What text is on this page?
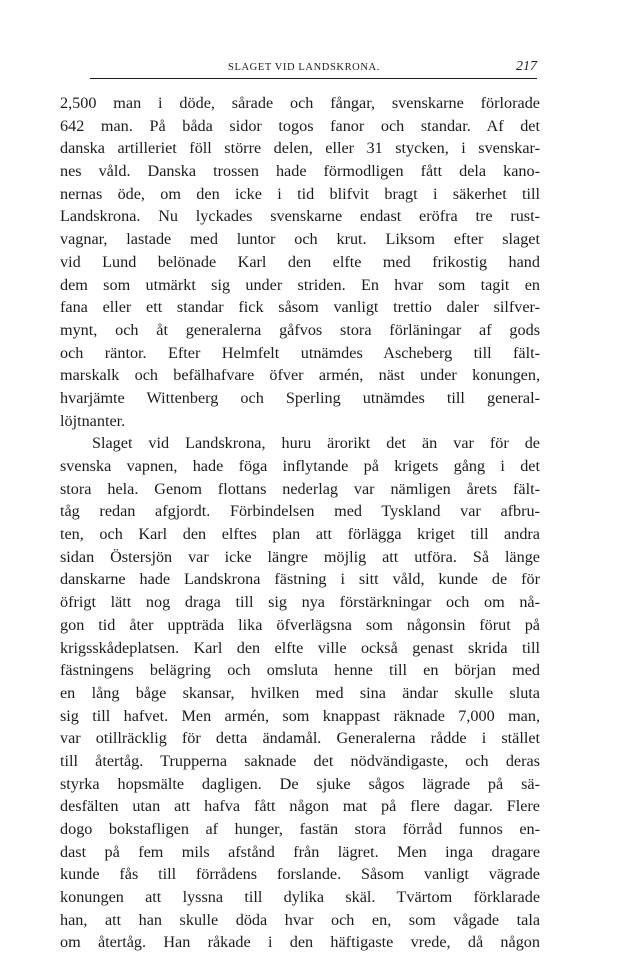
SLAGET VID LANDSKRONA.	217
2,500 man i döde, sårade och fångar, svenskarne förlorade
642 man. På båda sidor togos fanor och standar. Af det
danska artilleriet föll större delen, eller 31 stycken, i svenskar-
nes våld. Danska trossen hade förmodligen fått dela kano-
nernas öde, om den icke i tid blifvit bragt i säkerhet till
Landskrona. Nu lyckades svenskarne endast eröfra tre rust-
vagnar, lastade med luntor och krut. Liksom efter slaget
vid Lund belönade Karl den elfte med frikostig hand
dem som utmärkt sig under striden. En hvar som tagit en
fana eller ett standar fick såsom vanligt trettio daler silfver-
mynt, och åt generalerna gåfvos stora förläningar af gods
och räntor. Efter Helmfelt utnämdes Ascheberg till fält-
marskalk och befälhafvare öfver armén, näst under konungen,
hvarjämte Wittenberg och Sperling utnämdes till general-
löjtnanter.
Slaget vid Landskrona, huru ärorikt det än var för de
svenska vapnen, hade föga inflytande på krigets gång i det
stora hela. Genom flottans nederlag var nämligen årets fält-
tåg redan afgjordt. Förbindelsen med Tyskland var afbru-
ten, och Karl den elftes plan att förlägga kriget till andra
sidan Östersjön var icke längre möjlig att utföra. Så länge
danskarne hade Landskrona fästning i sitt våld, kunde de för
öfrigt lätt nog draga till sig nya förstärkningar och om nå-
gon tid åter uppträda lika öfverlägsna som någonsin förut på
krigsskådeplatsen. Karl den elfte ville också genast skrida till
fästningens belägring och omsluta henne till en början med
en lång båge skansar, hvilken med sina ändar skulle sluta
sig till hafvet. Men armén, som knappast räknade 7,000 man,
var otillräcklig för detta ändamål. Generalerna rådde i stället
till återtåg. Trupperna saknade det nödvändigaste, och deras
styrka hopsmälte dagligen. De sjuke sågos lägrade på sä-
desfälten utan att hafva fått någon mat på flere dagar. Flere
dogo bokstafligen af hunger, fastän stora förråd funnos en-
dast på fem mils afstånd från lägret. Men inga dragare
kunde fås till förrådens forslande. Såsom vanligt vägrade
konungen att lyssna till dylika skäl. Tvärtom förklarade
han, att han skulle döda hvar och en, som vågade tala
om återtåg. Han råkade i den häftigaste vrede, då någon
